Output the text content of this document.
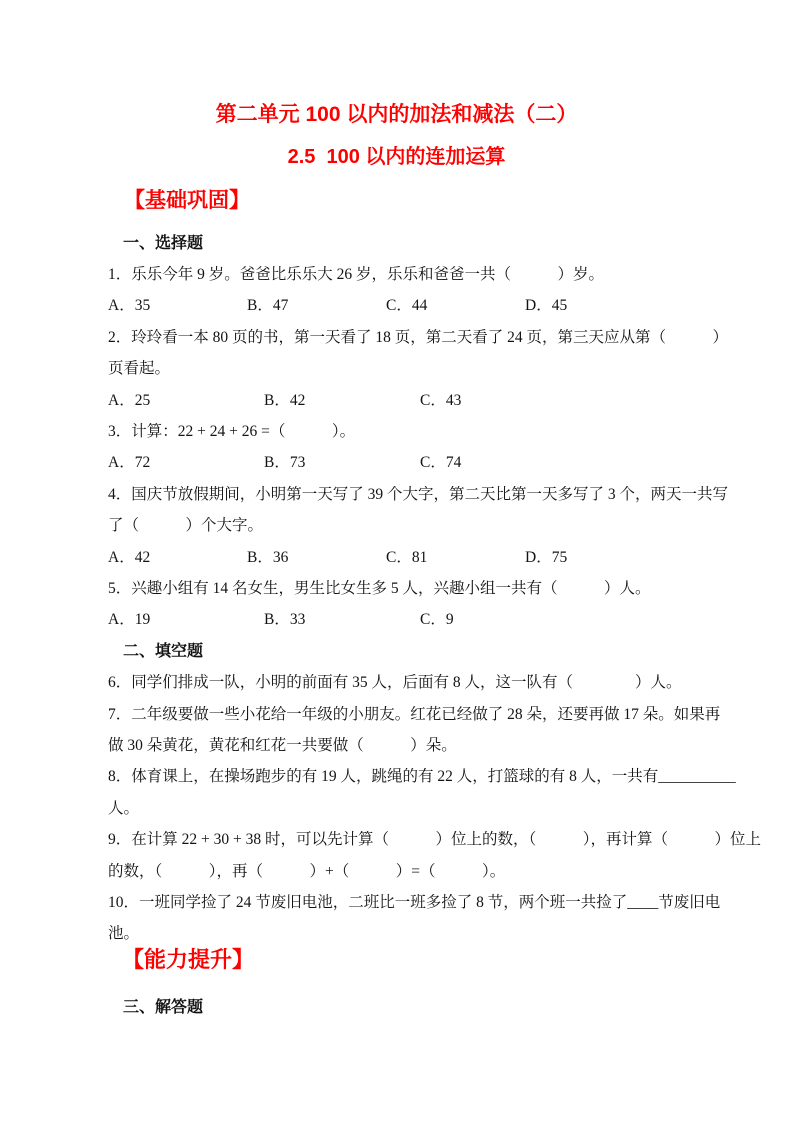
第二单元 100 以内的加法和减法（二）
2.5  100 以内的连加运算
【基础巩固】
一、选择题
1．乐乐今年 9 岁。爸爸比乐乐大 26 岁，乐乐和爸爸一共（　　　）岁。
A．35	B．47	C．44	D．45
2．玲玲看一本 80 页的书，第一天看了 18 页，第二天看了 24 页，第三天应从第（　　　）
页看起。
A．25	B．42	C．43
3．计算：22 + 24 + 26 =（　　　）。
A．72	B．73	C．74
4．国庆节放假期间，小明第一天写了 39 个大字，第二天比第一天多写了 3 个，两天一共写
了（　　　）个大字。
A．42	B．36	C．81	D．75
5．兴趣小组有 14 名女生，男生比女生多 5 人，兴趣小组一共有（　　　）人。
A．19	B．33	C．9
二、填空题
6．同学们排成一队，小明的前面有 35 人，后面有 8 人，这一队有（　　　　）人。
7．二年级要做一些小花给一年级的小朋友。红花已经做了 28 朵，还要再做 17 朵。如果再
做 30 朵黄花，黄花和红花一共要做（　　　）朵。
8．体育课上，在操场跑步的有 19 人，跳绳的有 22 人，打篮球的有 8 人，一共有__________
人。
9．在计算 22 + 30 + 38 时，可以先计算（　　　）位上的数，（　　　），再计算（　　　）位上
的数，（　　　），再（　　　）+（　　　）=（　　　）。
10．一班同学捡了 24 节废旧电池，二班比一班多捡了 8 节，两个班一共捡了____节废旧电
池。
【能力提升】
三、解答题
